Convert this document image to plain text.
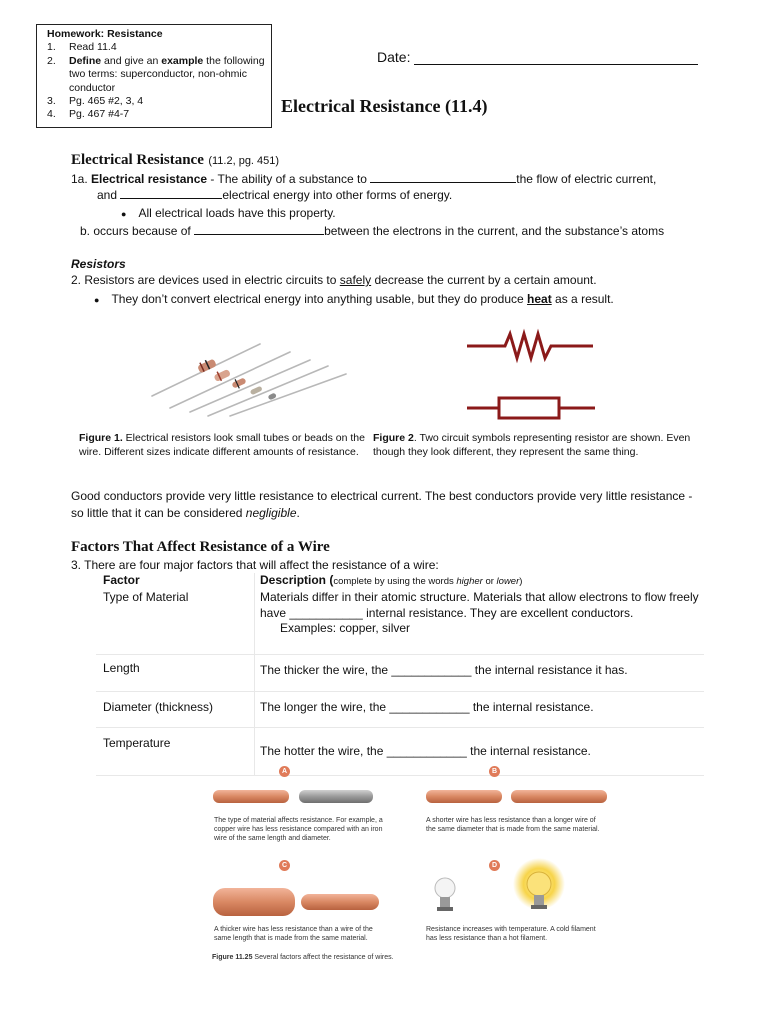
Homework: Resistance
1.	Read 11.4
2.	Define and give an example the following two terms: superconductor, non-ohmic conductor
3.	Pg. 465 #2, 3, 4
4.	Pg. 467 #4-7
Date:
Electrical Resistance (11.4)
Electrical Resistance (11.2, pg. 451)
1a. Electrical resistance - The ability of a substance to	the flow of electric current,
and	electrical energy into other forms of energy.
● All electrical loads have this property.
b. occurs because of	between the electrons in the current, and the substance’s atoms
Resistors
2. Resistors are devices used in electric circuits to safely decrease the current by a certain amount.
● They don’t convert electrical energy into anything usable, but they do produce heat as a result.
Figure 1. Electrical resistors look small tubes or beads on the wire. Different sizes indicate different amounts of resistance.
Figure 2. Two circuit symbols representing resistor are shown. Even though they look different, they represent the same thing.
Good conductors provide very little resistance to electrical current. The best conductors provide very little resistance - so little that it can be considered negligible.
Factors That Affect Resistance of a Wire
3. There are four major factors that will affect the resistance of a wire:
Factor	Description (complete by using the words higher or lower)
Type of Material	Materials differ in their atomic structure. Materials that allow electrons to flow freely have ___________ internal resistance. They are excellent conductors.
Examples: copper, silver
Length	The thicker the wire, the ____________ the internal resistance it has.
Diameter (thickness)	The longer the wire, the ____________ the internal resistance.
Temperature	The hotter the wire, the ____________ the internal resistance.
A	B
C	D
The type of material affects resistance. For example, a copper wire has less resistance compared with an iron wire of the same length and diameter.
A shorter wire has less resistance than a longer wire of the same diameter that is made from the same material.
A thicker wire has less resistance than a wire of the same length that is made from the same material.
Resistance increases with temperature. A cold filament has less resistance than a hot filament.
Figure 11.25 Several factors affect the resistance of wires.
